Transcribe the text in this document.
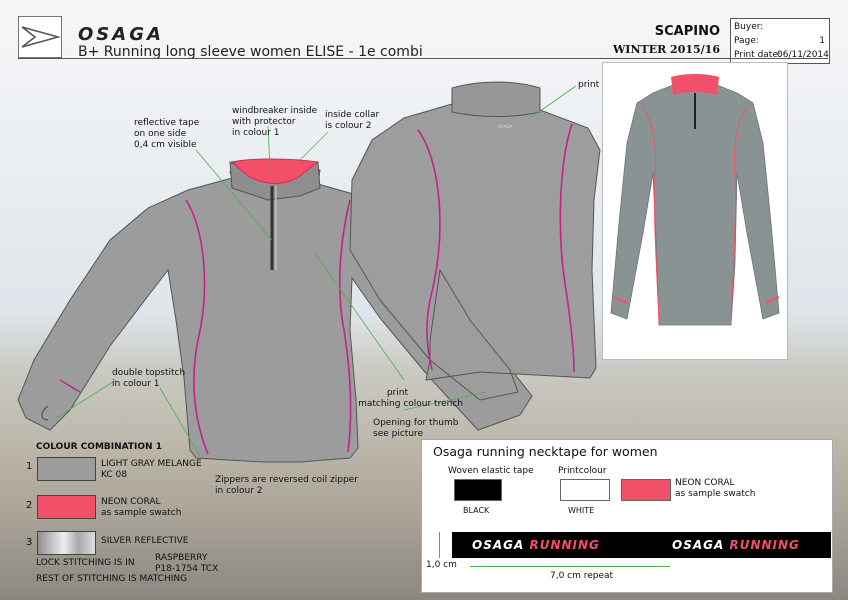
OSAGA
B+ Running long sleeve women ELISE - 1e combi
SCAPINO
WINTER 2015/16
Buyer:
Page:	1
Print date:
06/11/2014
OSAGA
reflective tape
on one side
0,4 cm visible
windbreaker inside
with protector
in colour 1
inside collar
is colour 2
print
double topstitch
in colour 1
print
matching colour trench
Opening for thumb
see picture
Zippers are reversed coil zipper
in colour 2
COLOUR COMBINATION 1
1	LIGHT GRAY MELANGE
KC 08
2	NEON CORAL
as sample swatch
3	SILVER REFLECTIVE
LOCK STITCHING IS IN RASPBERRY
P18-1754 TCX
REST OF STITCHING IS MATCHING
Osaga running necktape for women
Woven elastic tape
BLACK
Printcolour
WHITE
NEON CORAL
as sample swatch
1,0 cm
OSAGA RUNNING	OSAGA RUNNING
7,0 cm repeat
